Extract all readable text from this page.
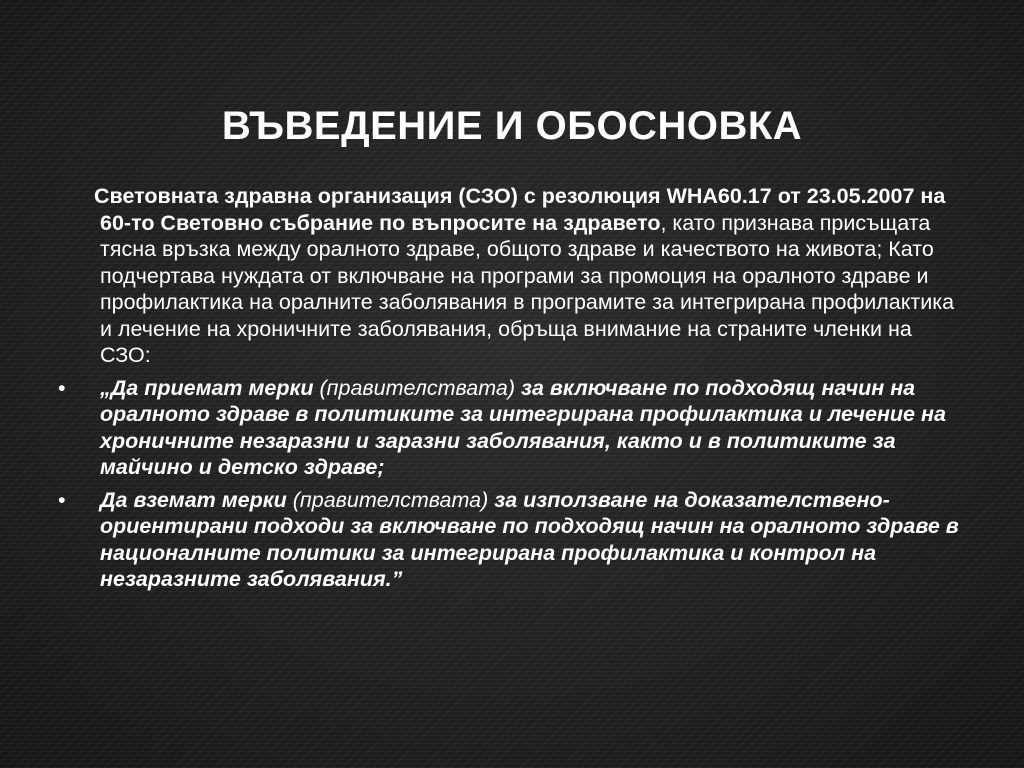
ВЪВЕДЕНИЕ И ОБОСНОВКА

Световната здравна организация (СЗО) с резолюция WHA60.17 от 23.05.2007 на 60-то Световно събрание по въпросите на здравето, като признава присъщата тясна връзка между оралното здраве, общото здраве и качеството на живота; Като подчертава нуждата от включване на програми за промоция на оралното здраве и профилактика на оралните заболявания в програмите за интегрирана профилактика и лечение на хроничните заболявания, обръща внимание на страните членки на СЗО:

•	„Да приемат мерки (правителствата) за включване по подходящ начин на оралното здраве в политиките за интегрирана профилактика и лечение на хроничните незаразни и заразни заболявания, както и в политиките за майчино и детско здраве;
•	Да вземат мерки (правителствата) за използване на доказателствено-ориентирани подходи за включване по подходящ начин на оралното здраве в националните политики за интегрирана профилактика и контрол на незаразните заболявания.”
